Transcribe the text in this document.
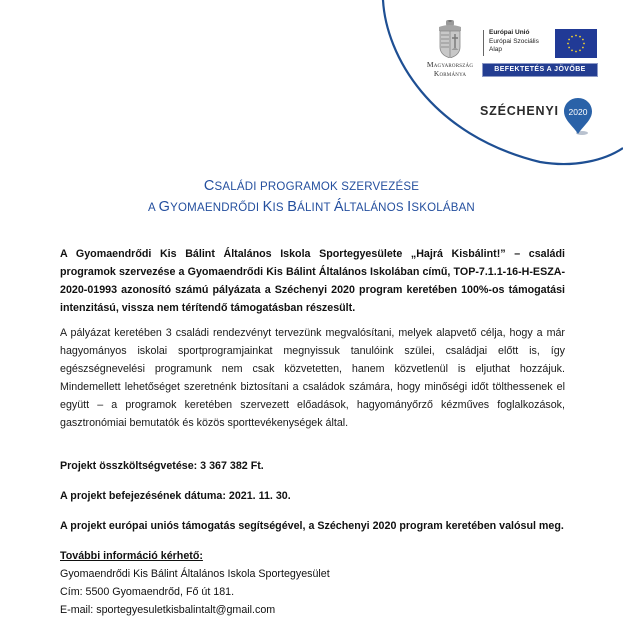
Magyarország
Kormánya
Európai Unió
Európai Szociális
Alap
BEFEKTETÉS A JÖVŐBE
SZÉCHENYI 2020
CSALÁDI PROGRAMOK SZERVEZÉSE
A GYOMAENDRŐDI KIS BÁLINT ÁLTALÁNOS ISKOLÁBAN

A Gyomaendrődi Kis Bálint Általános Iskola Sportegyesülete „Hajrá Kisbálint!” – családi programok szervezése a Gyomaendrődi Kis Bálint Általános Iskolában című, TOP-7.1.1-16-H-ESZA-2020-01993 azonosító számú pályázata a Széchenyi 2020 program keretében 100%-os támogatási intenzitású, vissza nem térítendő támogatásban részesült.

A pályázat keretében 3 családi rendezvényt tervezünk megvalósítani, melyek alapvető célja, hogy a már hagyományos iskolai sportprogramjainkat megnyissuk tanulóink szülei, családjai előtt is, így egészségnevelési programunk nem csak közvetetten, hanem közvetlenül is eljuthat hozzájuk. Mindemellett lehetőséget szeretnénk biztosítani a családok számára, hogy minőségi időt tölthessenek el együtt – a programok keretében szervezett előadások, hagyományőrző kézműves foglalkozások, gasztronómiai bemutatók és közös sporttevékenységek által.

Projekt összköltségvetése: 3 367 382 Ft.

A projekt befejezésének dátuma: 2021. 11. 30.

A projekt európai uniós támogatás segítségével, a Széchenyi 2020 program keretében valósul meg.

További információ kérhető:

Gyomaendrődi Kis Bálint Általános Iskola Sportegyesület

Cím: 5500 Gyomaendrőd, Fő út 181.

E-mail: sportegyesuletkisbalintalt@gmail.com
